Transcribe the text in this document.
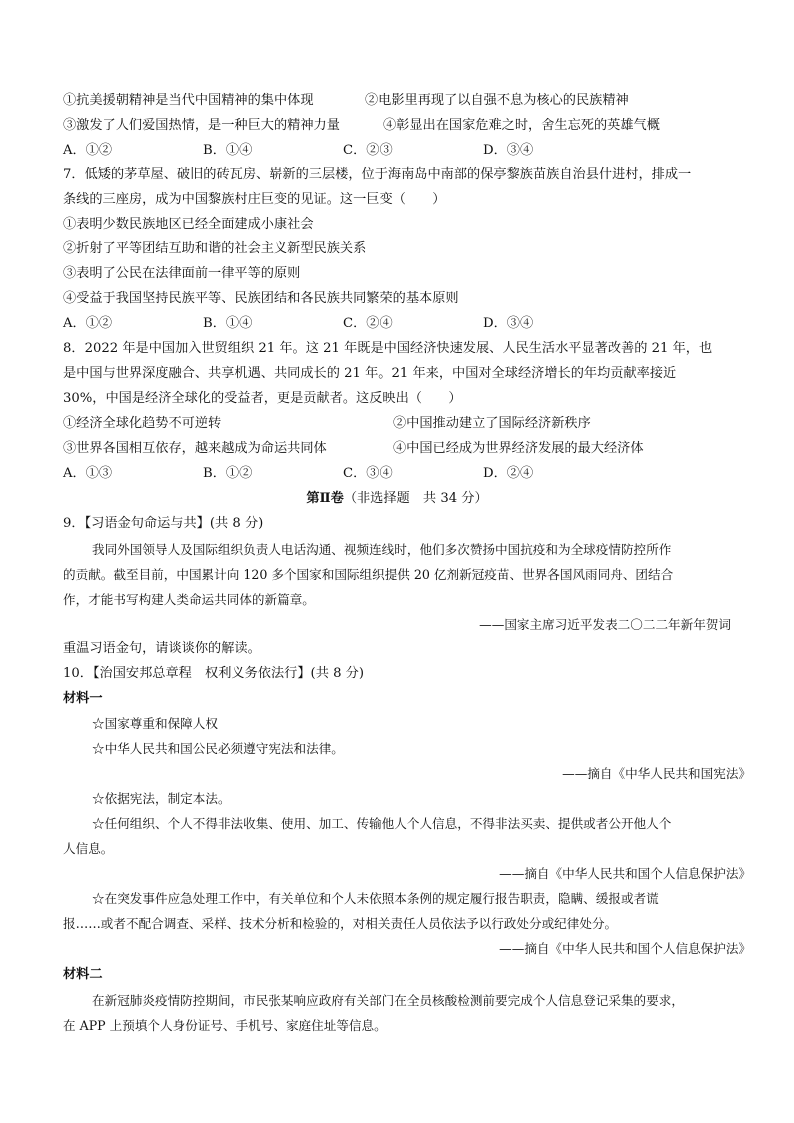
①抗美援朝精神是当代中国精神的集中体现	②电影里再现了以自强不息为核心的民族精神
③激发了人们爱国热情，是一种巨大的精神力量	④彰显出在国家危难之时，舍生忘死的英雄气概
A．①②	B．①④	C．②③	D．③④
7．低矮的茅草屋、破旧的砖瓦房、崭新的三层楼，位于海南岛中南部的保亭黎族苗族自治县什进村，排成一
条线的三座房，成为中国黎族村庄巨变的见证。这一巨变（　　）
①表明少数民族地区已经全面建成小康社会
②折射了平等团结互助和谐的社会主义新型民族关系
③表明了公民在法律面前一律平等的原则
④受益于我国坚持民族平等、民族团结和各民族共同繁荣的基本原则
A．①②	B．①④	C．②④	D．③④
8．2022 年是中国加入世贸组织 21 年。这 21 年既是中国经济快速发展、人民生活水平显著改善的 21 年，也
是中国与世界深度融合、共享机遇、共同成长的 21 年。21 年来，中国对全球经济增长的年均贡献率接近
30%，中国是经济全球化的受益者，更是贡献者。这反映出（　　）
①经济全球化趋势不可逆转	②中国推动建立了国际经济新秩序
③世界各国相互依存，越来越成为命运共同体	④中国已经成为世界经济发展的最大经济体
A．①③	B．①②	C．③④	D．②④
第Ⅱ卷（非选择题　共 34 分）
9．【习语金句命运与共】(共 8 分)
我同外国领导人及国际组织负责人电话沟通、视频连线时，他们多次赞扬中国抗疫和为全球疫情防控所作
的贡献。截至目前，中国累计向 120 多个国家和国际组织提供 20 亿剂新冠疫苗、世界各国风雨同舟、团结合
作，才能书写构建人类命运共同体的新篇章。
——国家主席习近平发表二〇二二年新年贺词
重温习语金句，请谈谈你的解读。
10．【治国安邦总章程　权利义务依法行】(共 8 分)
材料一
☆国家尊重和保障人权
☆中华人民共和国公民必须遵守宪法和法律。
——摘自《中华人民共和国宪法》
☆依据宪法，制定本法。
☆任何组织、个人不得非法收集、使用、加工、传输他人个人信息，不得非法买卖、提供或者公开他人个
人信息。
——摘自《中华人民共和国个人信息保护法》
☆在突发事件应急处理工作中，有关单位和个人未依照本条例的规定履行报告职责，隐瞒、缓报或者谎
报……或者不配合调查、采样、技术分析和检验的，对相关责任人员依法予以行政处分或纪律处分。
——摘自《中华人民共和国个人信息保护法》
材料二
在新冠肺炎疫情防控期间，市民张某响应政府有关部门在全员核酸检测前要完成个人信息登记采集的要求，
在 APP 上预填个人身份证号、手机号、家庭住址等信息。
